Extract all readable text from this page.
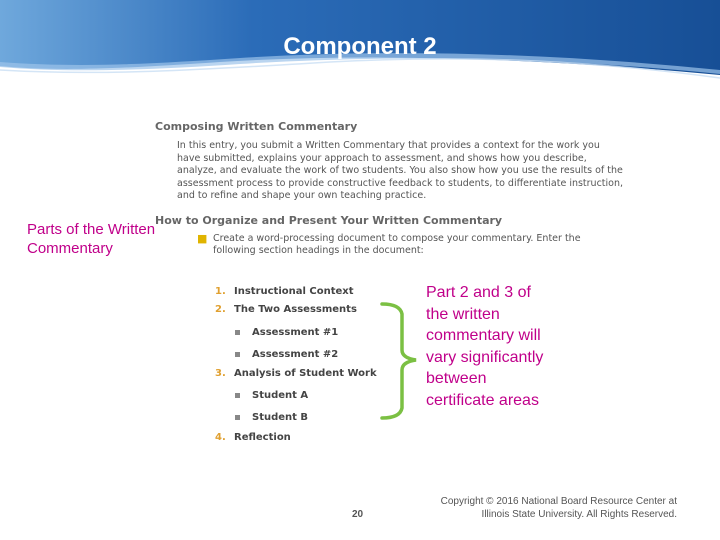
Component 2
Parts of the Written Commentary

Composing Written Commentary

In this entry, you submit a Written Commentary that provides a context for the work you have submitted, explains your approach to assessment, and shows how you describe, analyze, and evaluate the work of two students. You also show how you use the results of the assessment process to provide constructive feedback to students, to differentiate instruction, and to refine and shape your own teaching practice.

How to Organize and Present Your Written Commentary

■ Create a word-processing document to compose your commentary. Enter the following section headings in the document:
1. Instructional Context
2. The Two Assessments
Assessment #1
Assessment #2
3. Analysis of Student Work
Student A
Student B
4. Reflection
Part 2 and 3 of the written commentary will vary significantly between certificate areas
20
Copyright © 2016 National Board Resource Center at Illinois State University. All Rights Reserved.
